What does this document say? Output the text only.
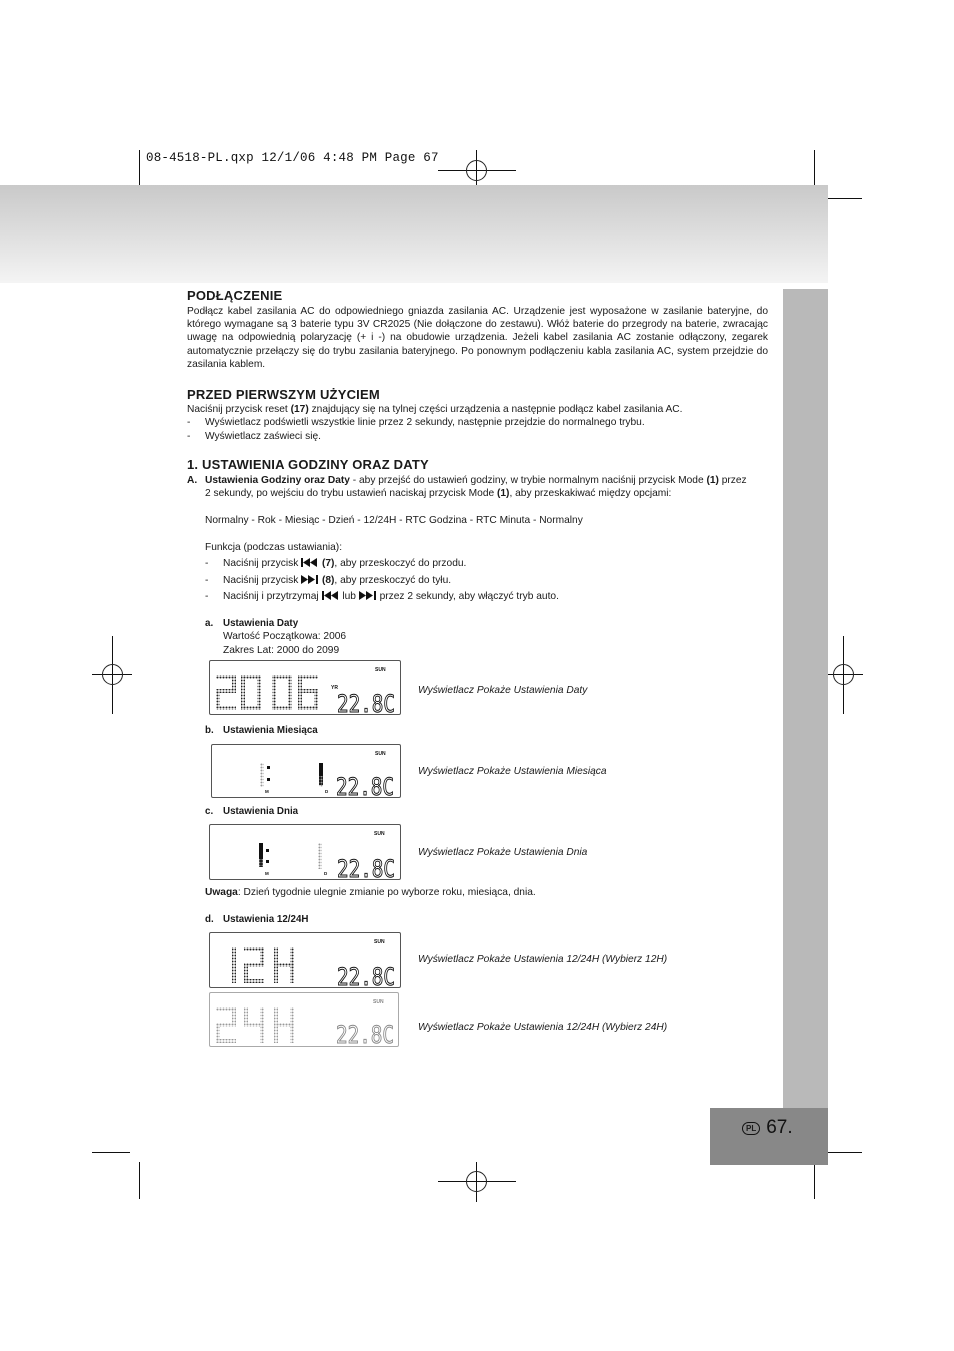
08-4518-PL.qxp 12/1/06 4:48 PM Page 67
PL 67.
PODŁĄCZENIE
Podłącz kabel zasilania AC do odpowiedniego gniazda zasilania AC. Urządzenie jest wyposażone w zasilanie bateryjne, do
którego wymagane są 3 baterie typu 3V CR2025 (Nie dołączone do zestawu). Włóż baterie do przegrody na baterie, zwracając
uwagę na odpowiednią polaryzację (+ i -) na obudowie urządzenia. Jeżeli kabel zasilania AC zostanie odłączony, zegarek
automatycznie przełączy się do trybu zasilania bateryjnego. Po ponownym podłączeniu kabla zasilania AC, system przejdzie do
zasilania kablem.
PRZED PIERWSZYM UŻYCIEM
Naciśnij przycisk reset (17) znajdujący się na tylnej części urządzenia a następnie podłącz kabel zasilania AC.
- Wyświetlacz podświetli wszystkie linie przez 2 sekundy, następnie przejdzie do normalnego trybu.
- Wyświetlacz zaświeci się.
1. USTAWIENIA GODZINY ORAZ DATY
A. Ustawienia Godziny oraz Daty - aby przejść do ustawień godziny, w trybie normalnym naciśnij przycisk Mode (1) przez
2 sekundy, po wejściu do trybu ustawień naciskaj przycisk Mode (1), aby przeskakiwać między opcjami:
Normalny - Rok - Miesiąc - Dzień - 12/24H - RTC Godzina - RTC Minuta - Normalny
Funkcja (podczas ustawiania):
- Naciśnij przycisk  (7), aby przeskoczyć do przodu.
- Naciśnij przycisk  (8), aby przeskoczyć do tyłu.
- Naciśnij i przytrzymaj  lub  przez 2 sekundy, aby włączyć tryb auto.
a. Ustawienia Daty
Wartość Początkowa: 2006
Zakres Lat: 2000 do 2099
YR
SUN
22.8C Wyświetlacz Pokaże Ustawienia Daty
b. Ustawienia Miesiąca
M	D
SUN
22.8C
Wyświetlacz Pokaże Ustawienia Miesiąca
c. Ustawienia Dnia
M	D
SUN
22.8C
Wyświetlacz Pokaże Ustawienia Dnia
Uwaga: Dzień tygodnie ulegnie zmianie po wyborze roku, miesiąca, dnia.
d. Ustawienia 12/24H
SUN
22.8C
Wyświetlacz Pokaże Ustawienia 12/24H (Wybierz 12H)
SUN
22.8C Wyświetlacz Pokaże Ustawienia 12/24H (Wybierz 24H)
